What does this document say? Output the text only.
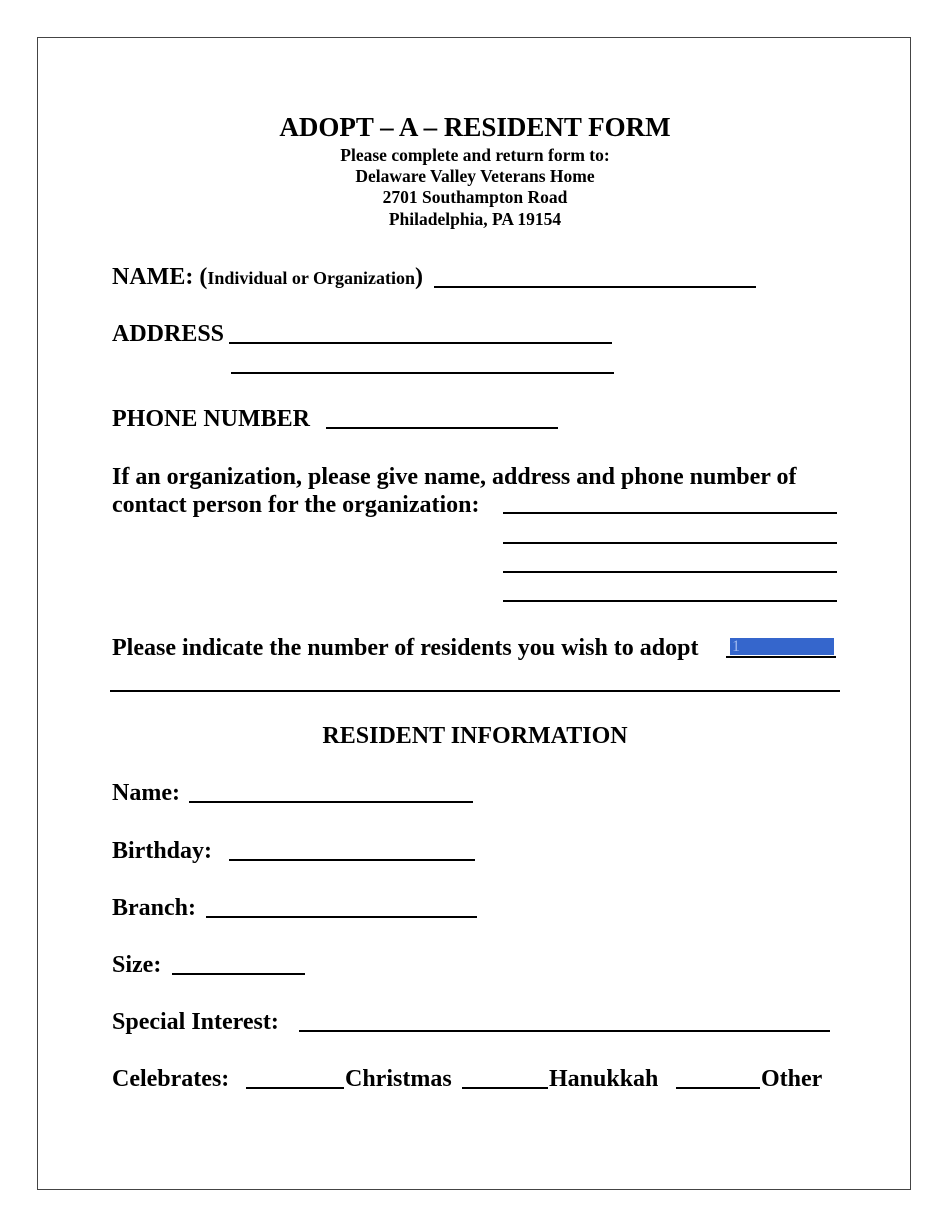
ADOPT – A – RESIDENT FORM
Please complete and return form to:
Delaware Valley Veterans Home
2701 Southampton Road
Philadelphia, PA 19154
NAME: (Individual or Organization)
ADDRESS
PHONE NUMBER
If an organization, please give name, address and phone number of
contact person for the organization:
Please indicate the number of residents you wish to adopt 1
RESIDENT INFORMATION
Name:
Birthday:
Branch:
Size:
Special Interest:
Celebrates:	Christmas	Hanukkah	Other
